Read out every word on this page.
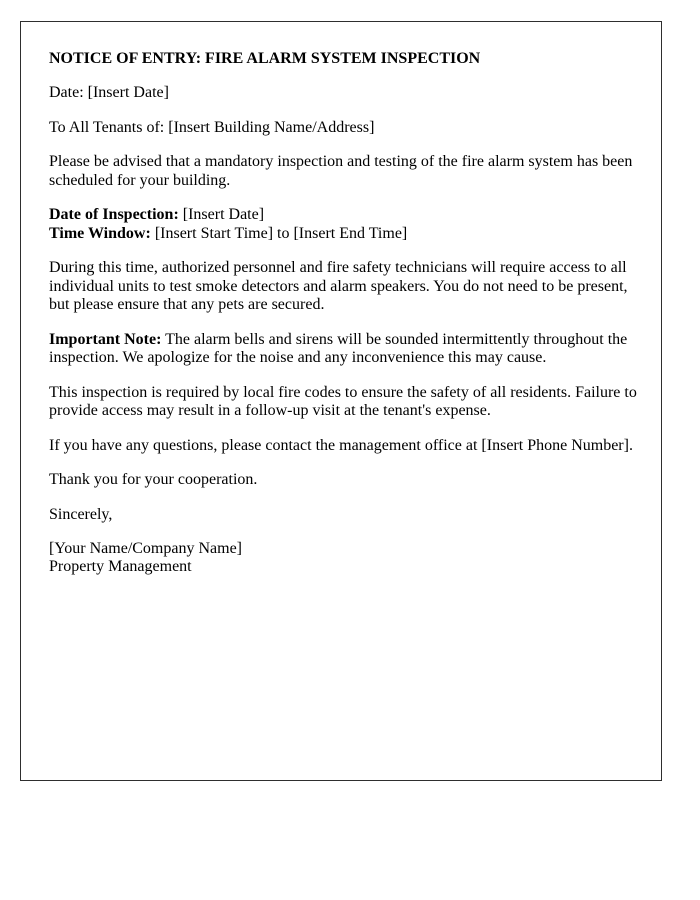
NOTICE OF ENTRY: FIRE ALARM SYSTEM INSPECTION

Date: [Insert Date]

To All Tenants of: [Insert Building Name/Address]

Please be advised that a mandatory inspection and testing of the fire alarm system has been scheduled for your building.

Date of Inspection: [Insert Date]
Time Window: [Insert Start Time] to [Insert End Time]

During this time, authorized personnel and fire safety technicians will require access to all individual units to test smoke detectors and alarm speakers. You do not need to be present, but please ensure that any pets are secured.

Important Note: The alarm bells and sirens will be sounded intermittently throughout the inspection. We apologize for the noise and any inconvenience this may cause.

This inspection is required by local fire codes to ensure the safety of all residents. Failure to provide access may result in a follow-up visit at the tenant's expense.

If you have any questions, please contact the management office at [Insert Phone Number].

Thank you for your cooperation.

Sincerely,

[Your Name/Company Name]
Property Management
